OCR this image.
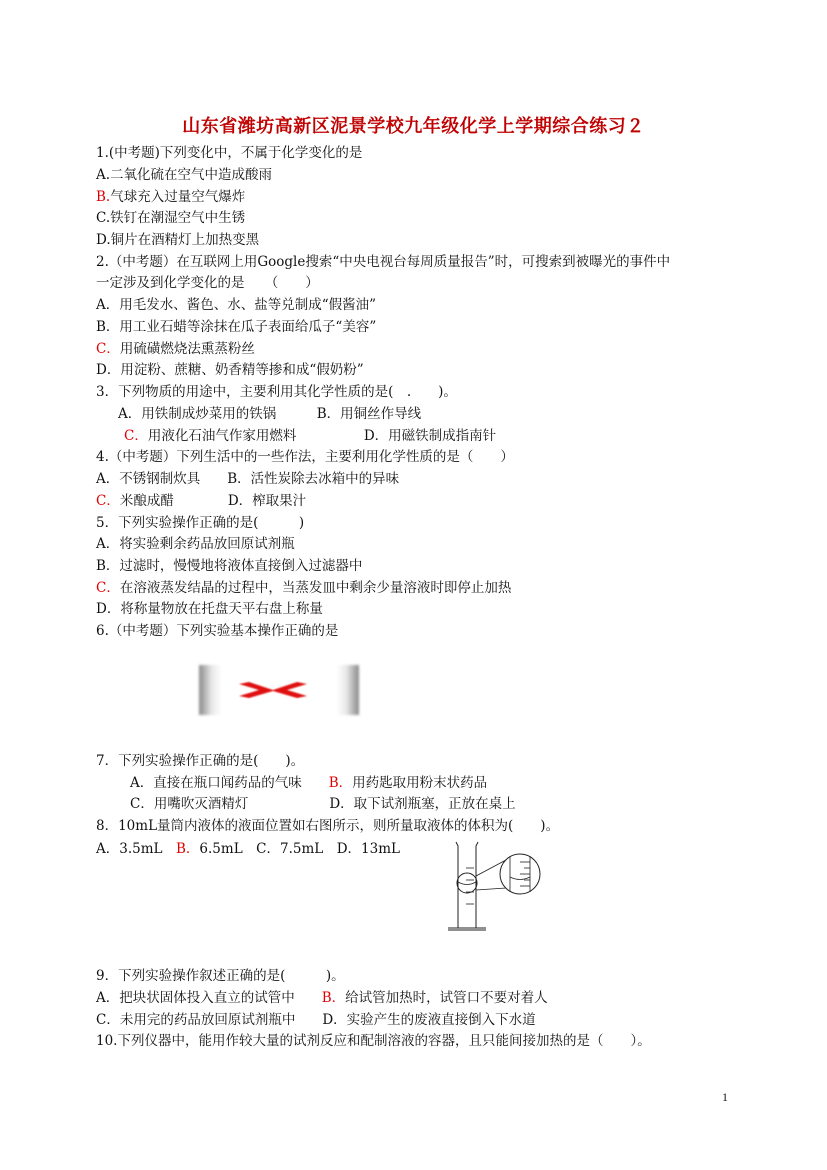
山东省潍坊高新区泥景学校九年级化学上学期综合练习２
1.(中考题)下列变化中，不属于化学变化的是
A.二氧化硫在空气中造成酸雨
B.气球充入过量空气爆炸
C.铁钉在潮湿空气中生锈
D.铜片在酒精灯上加热变黑
2.（中考题）在互联网上用Google搜索“中央电视台每周质量报告”时，可搜索到被曝光的事件中
一定涉及到化学变化的是　　（　　）
A．用毛发水、酱色、水、盐等兑制成“假酱油”
B．用工业石蜡等涂抹在瓜子表面给瓜子“美容”
C．用硫磺燃烧法熏蒸粉丝
D．用淀粉、蔗糖、奶香精等掺和成“假奶粉”
3．下列物质的用途中，主要利用其化学性质的是(　.　　)。
A．用铁制成炒菜用的铁锅　　　B．用铜丝作导线
C．用液化石油气作家用燃料　　　　　D．用磁铁制成指南针
4.（中考题）下列生活中的一些作法，主要利用化学性质的是（　　）
A．不锈钢制炊具　　B．活性炭除去冰箱中的异味
C．米酿成醋　　　　D．榨取果汁
5．下列实验操作正确的是(　　　)
A．将实验剩余药品放回原试剂瓶
B．过滤时，慢慢地将液体直接倒入过滤器中
C．在溶液蒸发结晶的过程中，当蒸发皿中剩余少量溶液时即停止加热
D．将称量物放在托盘天平右盘上称量
6.（中考题）下列实验基本操作正确的是
7．下列实验操作正确的是(　　)。
A．直接在瓶口闻药品的气味　　B．用药匙取用粉末状药品
C．用嘴吹灭酒精灯　　　　　　D．取下试剂瓶塞，正放在桌上
8．10mL量筒内液体的液面位置如右图所示，则所量取液体的体积为(　　)。
A．3.5mL　B．6.5mL　C．7.5mL　D．13mL
9．下列实验操作叙述正确的是(　　　)。
A．把块状固体投入直立的试管中　　B．给试管加热时，试管口不要对着人
C．未用完的药品放回原试剂瓶中　　D．实验产生的废液直接倒入下水道
10.下列仪器中，能用作较大量的试剂反应和配制溶液的容器，且只能间接加热的是（　　）。
1
